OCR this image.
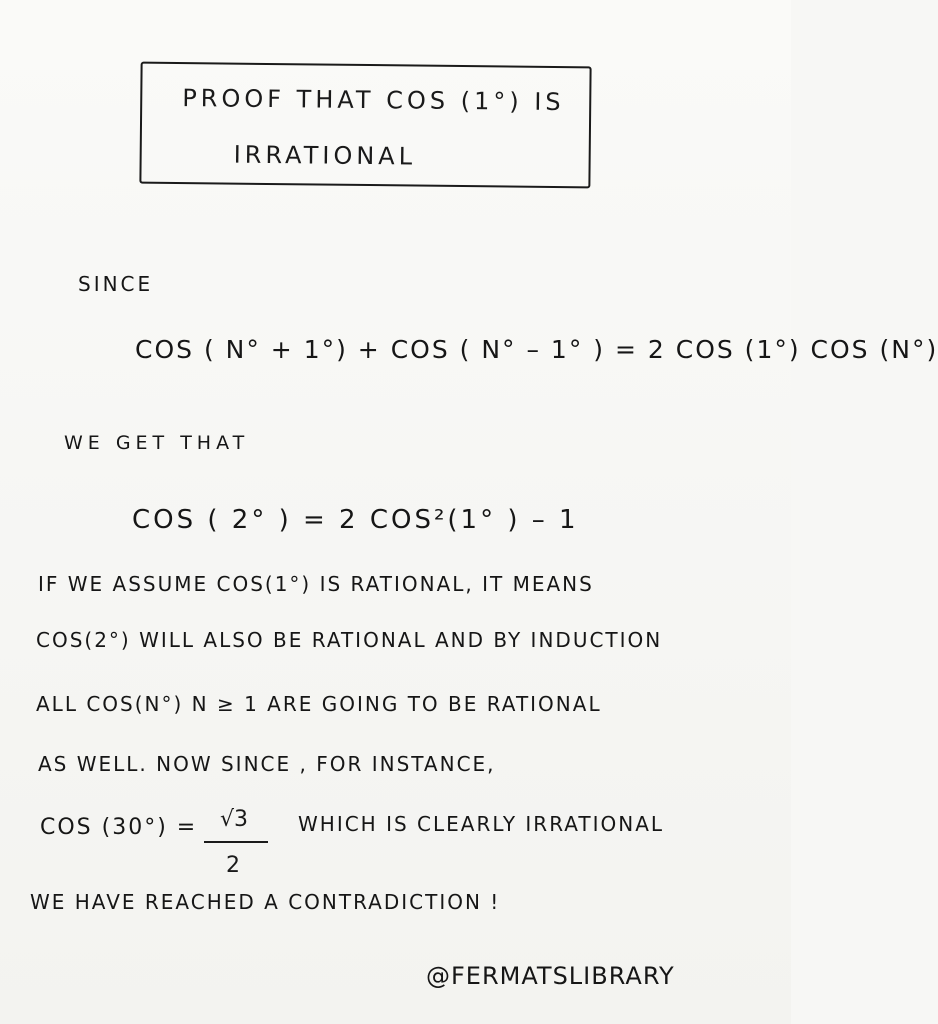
PROOF THAT COS (1°) IS
IRRATIONAL
SINCE
COS ( N° + 1°) + COS ( N° – 1° ) = 2 COS (1°) COS (N°)
WE GET THAT
COS ( 2° ) = 2 COS²(1° ) – 1
IF WE ASSUME COS(1°) IS RATIONAL, IT MEANS
COS(2°) WILL ALSO BE RATIONAL AND BY INDUCTION
ALL COS(N°) N ≥ 1 ARE GOING TO BE RATIONAL
AS WELL. NOW SINCE , FOR INSTANCE,
COS (30°) = √3
2
WHICH IS CLEARLY IRRATIONAL
WE HAVE REACHED A CONTRADICTION !
@FERMATSLIBRARY
